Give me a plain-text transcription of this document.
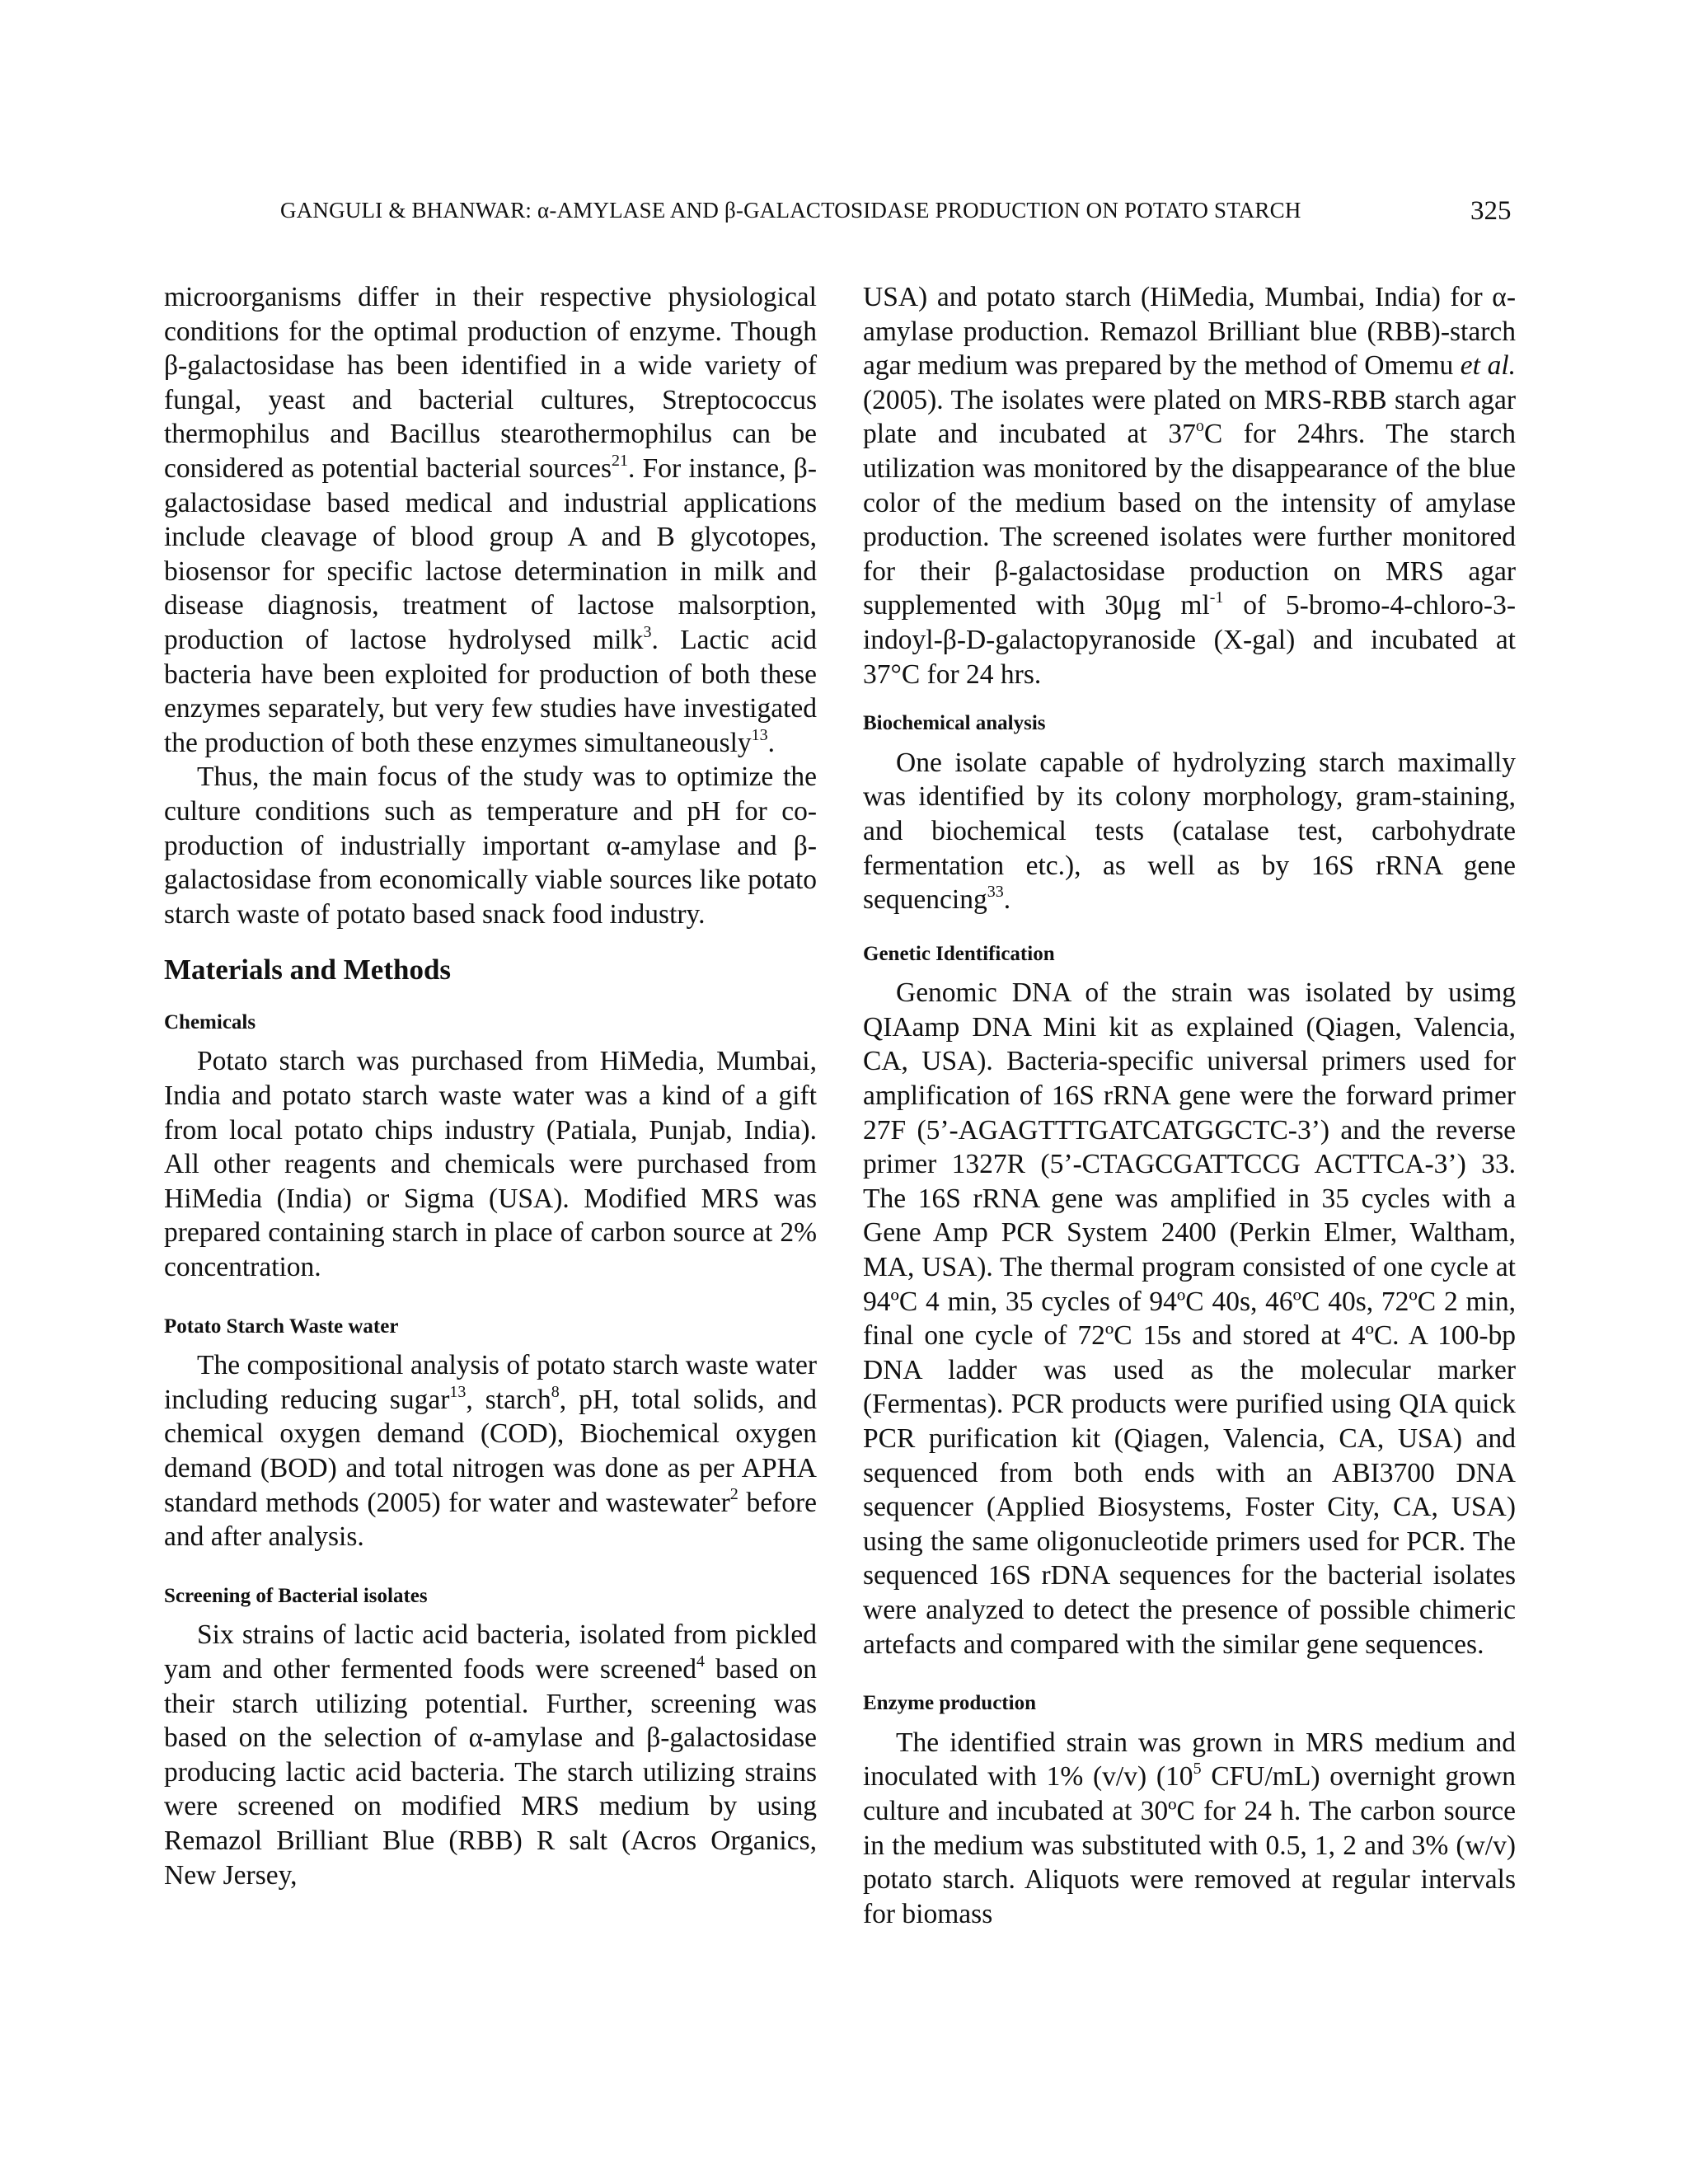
GANGULI & BHANWAR: α-AMYLASE AND β-GALACTOSIDASE PRODUCTION ON POTATO STARCH	325

microorganisms differ in their respective physiological conditions for the optimal production of enzyme. Though β-galactosidase has been identified in a wide variety of fungal, yeast and bacterial cultures, Streptococcus thermophilus and Bacillus stearothermophilus can be considered as potential bacterial sources$^{21}$. For instance, β-galactosidase based medical and industrial applications include cleavage of blood group A and B glycotopes, biosensor for specific lactose determination in milk and disease diagnosis, treatment of lactose malsorption, production of lactose hydrolysed milk$^3$. Lactic acid bacteria have been exploited for production of both these enzymes separately, but very few studies have investigated the production of both these enzymes simultaneously$^{13}$.

Thus, the main focus of the study was to optimize the culture conditions such as temperature and pH for co-production of industrially important α-amylase and β-galactosidase from economically viable sources like potato starch waste of potato based snack food industry.

Materials and Methods
Chemicals

Potato starch was purchased from HiMedia, Mumbai, India and potato starch waste water was a kind of a gift from local potato chips industry (Patiala, Punjab, India). All other reagents and chemicals were purchased from HiMedia (India) or Sigma (USA). Modified MRS was prepared containing starch in place of carbon source at 2% concentration.

Potato Starch Waste water

The compositional analysis of potato starch waste water including reducing sugar$^{13}$, starch$^8$, pH, total solids, and chemical oxygen demand (COD), Biochemical oxygen demand (BOD) and total nitrogen was done as per APHA standard methods (2005) for water and wastewater$^2$ before and after analysis.

Screening of Bacterial isolates

Six strains of lactic acid bacteria, isolated from pickled yam and other fermented foods were screened$^4$ based on their starch utilizing potential. Further, screening was based on the selection of α-amylase and β-galactosidase producing lactic acid bacteria. The starch utilizing strains were screened on modified MRS medium by using Remazol Brilliant Blue (RBB) R salt (Acros Organics, New Jersey,

USA) and potato starch (HiMedia, Mumbai, India) for α-amylase production. Remazol Brilliant blue (RBB)-starch agar medium was prepared by the method of Omemu et al. (2005). The isolates were plated on MRS-RBB starch agar plate and incubated at 37$^o$C for 24hrs. The starch utilization was monitored by the disappearance of the blue color of the medium based on the intensity of amylase production. The screened isolates were further monitored for their β-galactosidase production on MRS agar supplemented with 30μg $ml^{-1}$ of 5-bromo-4-chloro-3-indoyl-β-D-galactopyranoside (X-gal) and incubated at 37°C for 24 hrs.

Biochemical analysis

One isolate capable of hydrolyzing starch maximally was identified by its colony morphology, gram-staining, and biochemical tests (catalase test, carbohydrate fermentation etc.), as well as by 16S rRNA gene sequencing$^{33}$.

Genetic Identification

Genomic DNA of the strain was isolated by usimg QIAamp DNA Mini kit as explained (Qiagen, Valencia, CA, USA). Bacteria-specific universal primers used for amplification of 16S rRNA gene were the forward primer 27F (5’-AGAGTTTGATCATGGCTC-3’) and the reverse primer 1327R (5’-CTAGCGATTCCG ACTTCA-3’) 33. The 16S rRNA gene was amplified in 35 cycles with a Gene Amp PCR System 2400 (Perkin Elmer, Waltham, MA, USA). The thermal program consisted of one cycle at 94ºC 4 min, 35 cycles of 94ºC 40s, 46ºC 40s, 72ºC 2 min, final one cycle of 72ºC 15s and stored at 4ºC. A 100-bp DNA ladder was used as the molecular marker (Fermentas). PCR products were purified using QIA quick PCR purification kit (Qiagen, Valencia, CA, USA) and sequenced from both ends with an ABI3700 DNA sequencer (Applied Biosystems, Foster City, CA, USA) using the same oligonucleotide primers used for PCR. The sequenced 16S rDNA sequences for the bacterial isolates were analyzed to detect the presence of possible chimeric artefacts and compared with the similar gene sequences.

Enzyme production

The identified strain was grown in MRS medium and inoculated with 1% (v/v) ($10^5$ CFU/mL) overnight grown culture and incubated at 30ºC for 24 h. The carbon source in the medium was substituted with 0.5, 1, 2 and 3% (w/v) potato starch. Aliquots were removed at regular intervals for biomass
